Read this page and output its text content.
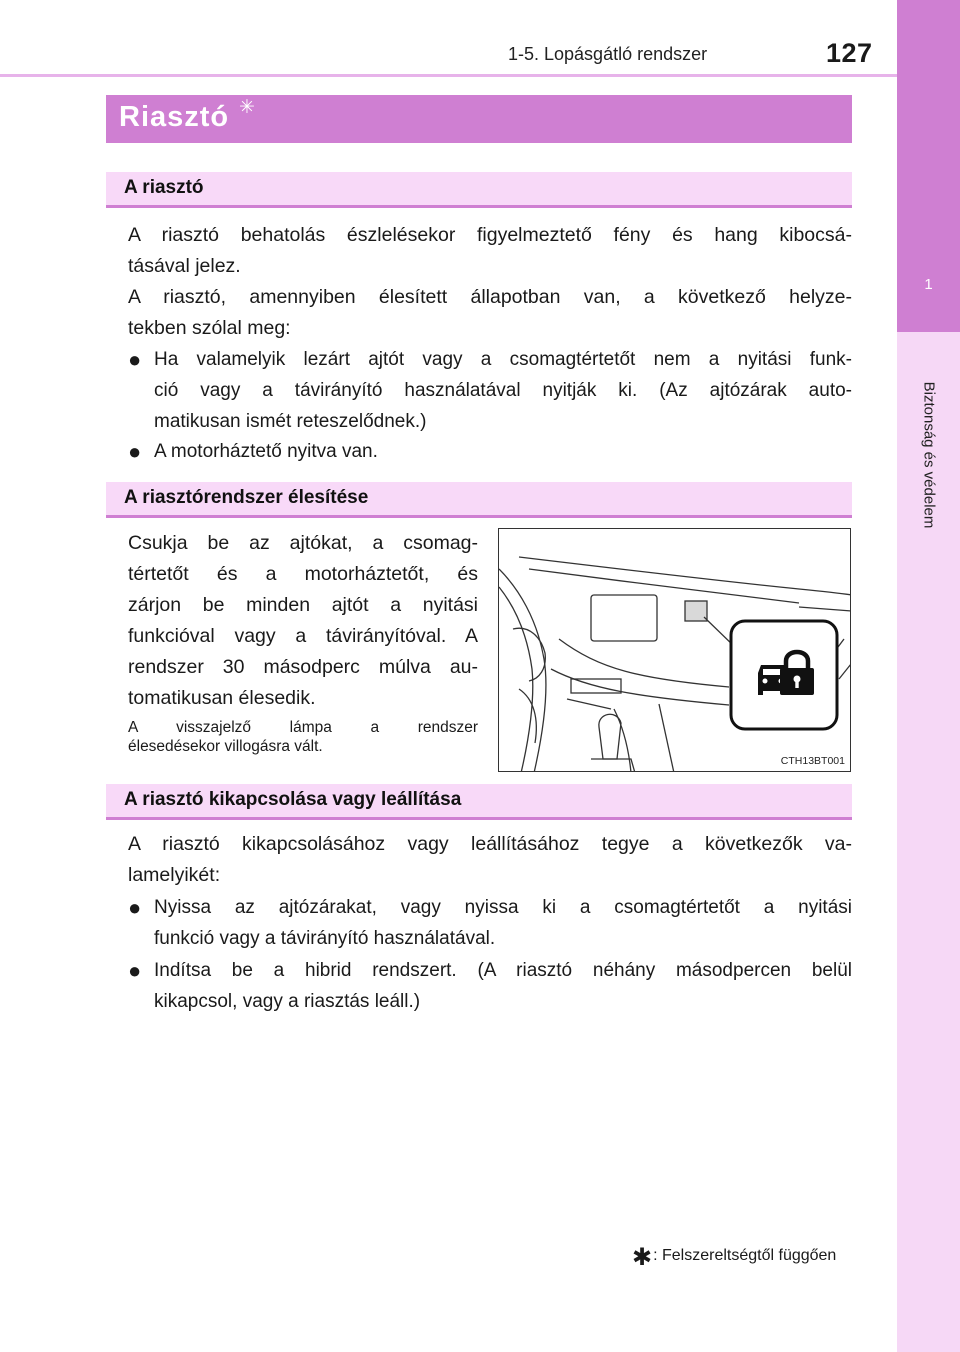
1-5. Lopásgátló rendszer	127
1
Biztonság és védelem
Riasztó ✳
A riasztó
A riasztó behatolás észlelésekor figyelmeztető fény és hang kibocsá-
tásával jelez.
A riasztó, amennyiben élesített állapotban van, a következő helyze-
tekben szólal meg:
● Ha valamelyik lezárt ajtót vagy a csomagtértetőt nem a nyitási funk-
ció vagy a távirányító használatával nyitják ki. (Az ajtózárak auto-
matikusan ismét reteszelődnek.)
● A motorháztető nyitva van.
A riasztórendszer élesítése
Csukja be az ajtókat, a csomag-
tértetőt és a motorháztetőt, és
zárjon be minden ajtót a nyitási
funkcióval vagy a távirányítóval. A
rendszer 30 másodperc múlva au-
tomatikusan élesedik.
A visszajelző lámpa a rendszer
élesedésekor villogásra vált.
CTH13BT001
A riasztó kikapcsolása vagy leállítása
A riasztó kikapcsolásához vagy leállításához tegye a következők va-
lamelyikét:
● Nyissa az ajtózárakat, vagy nyissa ki a csomagtértetőt a nyitási
funkció vagy a távirányító használatával.
● Indítsa be a hibrid rendszert. (A riasztó néhány másodpercen belül
kikapcsol, vagy a riasztás leáll.)
✱: Felszereltségtől függően
